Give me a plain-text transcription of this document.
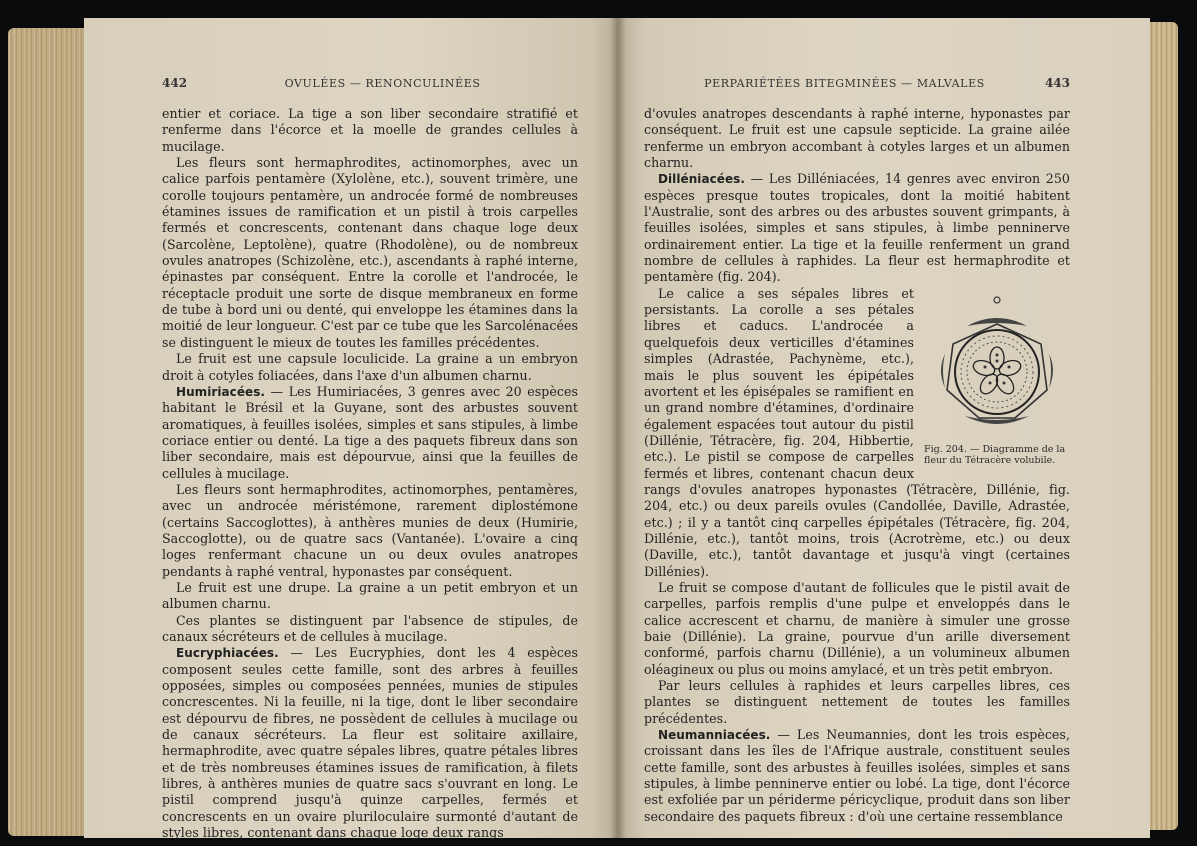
442	OVULÉES — RENONCULINÉES

entier et coriace. La tige a son liber secondaire stratifié et renferme dans l'écorce et la moelle de grandes cellules à mucilage.

Les fleurs sont hermaphrodites, actinomorphes, avec un calice parfois pentamère (Xylolène, etc.), souvent trimère, une corolle toujours pentamère, un androcée formé de nombreuses étamines issues de ramification et un pistil à trois carpelles fermés et concrescents, contenant dans chaque loge deux (Sarcolène, Leptolène), quatre (Rhodolène), ou de nombreux ovules anatropes (Schizolène, etc.), ascendants à raphé interne, épinastes par conséquent. Entre la corolle et l'androcée, le réceptacle produit une sorte de disque membraneux en forme de tube à bord uni ou denté, qui enveloppe les étamines dans la moitié de leur longueur. C'est par ce tube que les Sarcolénacées se distinguent le mieux de toutes les familles précédentes.

Le fruit est une capsule loculicide. La graine a un embryon droit à cotyles foliacées, dans l'axe d'un albumen charnu.

Humiriacées. — Les Humiriacées, 3 genres avec 20 espèces habitant le Brésil et la Guyane, sont des arbustes souvent aromatiques, à feuilles isolées, simples et sans stipules, à limbe coriace entier ou denté. La tige a des paquets fibreux dans son liber secondaire, mais est dépourvue, ainsi que la feuilles de cellules à mucilage.

Les fleurs sont hermaphrodites, actinomorphes, pentamères, avec un androcée méristémone, rarement diplostémone (certains Saccoglottes), à anthères munies de deux (Humirie, Saccoglotte), ou de quatre sacs (Vantanée). L'ovaire a cinq loges renfermant chacune un ou deux ovules anatropes pendants à raphé ventral, hyponastes par conséquent.

Le fruit est une drupe. La graine a un petit embryon et un albumen charnu.

Ces plantes se distinguent par l'absence de stipules, de canaux sécréteurs et de cellules à mucilage.

Eucryphiacées. — Les Eucryphies, dont les 4 espèces composent seules cette famille, sont des arbres à feuilles opposées, simples ou composées pennées, munies de stipules concrescentes. Ni la feuille, ni la tige, dont le liber secondaire est dépourvu de fibres, ne possèdent de cellules à mucilage ou de canaux sécréteurs. La fleur est solitaire axillaire, hermaphrodite, avec quatre sépales libres, quatre pétales libres et de très nombreuses étamines issues de ramification, à filets libres, à anthères munies de quatre sacs s'ouvrant en long. Le pistil comprend jusqu'à quinze carpelles, fermés et concrescents en un ovaire pluriloculaire surmonté d'autant de styles libres, contenant dans chaque loge deux rangs

PERPARIÉTÉES BITEGMINÉES — MALVALES	443

d'ovules anatropes descendants à raphé interne, hyponastes par conséquent. Le fruit est une capsule septicide. La graine ailée renferme un embryon accombant à cotyles larges et un albumen charnu.

Dilléniacées. — Les Dilléniacées, 14 genres avec environ 250 espèces presque toutes tropicales, dont la moitié habitent l'Australie, sont des arbres ou des arbustes souvent grimpants, à feuilles isolées, simples et sans stipules, à limbe penninerve ordinairement entier. La tige et la feuille renferment un grand nombre de cellules à raphides. La fleur est hermaphrodite et pentamère (fig. 204).

Fig. 204. — Diagramme de la fleur du Tétracère volubile.

Le calice a ses sépales libres et persistants. La corolle a ses pétales libres et caducs. L'androcée a quelquefois deux verticilles d'étamines simples (Adrastée, Pachynème, etc.), mais le plus souvent les épipétales avortent et les épisépales se ramifient en un grand nombre d'étamines, d'ordinaire également espacées tout autour du pistil (Dillénie, Tétracère, fig. 204, Hibbertie, etc.). Le pistil se compose de carpelles fermés et libres, contenant chacun deux rangs d'ovules anatropes hyponastes (Tétracère, Dillénie, fig. 204, etc.) ou deux pareils ovules (Candollée, Daville, Adrastée, etc.) ; il y a tantôt cinq carpelles épipétales (Tétracère, fig. 204, Dillénie, etc.), tantôt moins, trois (Acrotrème, etc.) ou deux (Daville, etc.), tantôt davantage et jusqu'à vingt (certaines Dillénies).

Le fruit se compose d'autant de follicules que le pistil avait de carpelles, parfois remplis d'une pulpe et enveloppés dans le calice accrescent et charnu, de manière à simuler une grosse baie (Dillénie). La graine, pourvue d'un arille diversement conformé, parfois charnu (Dillénie), a un volumineux albumen oléagineux ou plus ou moins amylacé, et un très petit embryon.

Par leurs cellules à raphides et leurs carpelles libres, ces plantes se distinguent nettement de toutes les familles précédentes.

Neumanniacées. — Les Neumannies, dont les trois espèces, croissant dans les îles de l'Afrique australe, constituent seules cette famille, sont des arbustes à feuilles isolées, simples et sans stipules, à limbe penninerve entier ou lobé. La tige, dont l'écorce est exfoliée par un périderme péricyclique, produit dans son liber secondaire des paquets fibreux : d'où une certaine ressemblance
